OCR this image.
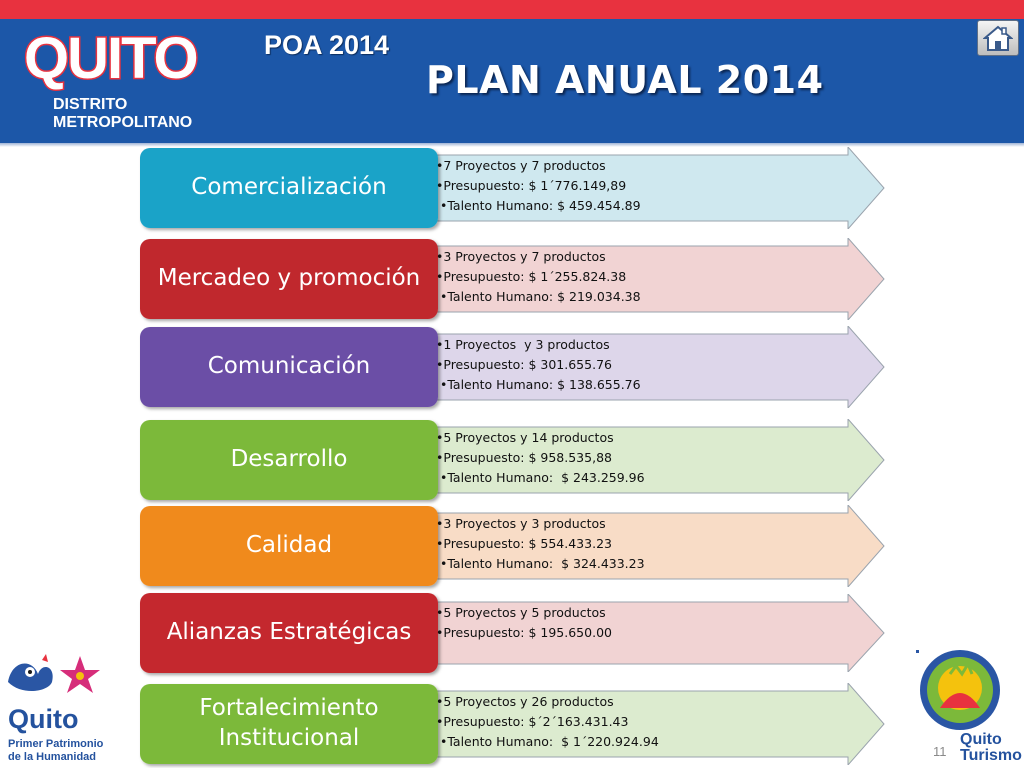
QUITO
DISTRITO
METROPOLITANO
POA 2014
PLAN ANUAL 2014
Comercialización
•7 Proyectos y 7 productos
•Presupuesto: $ 1´776.149,89
•Talento Humano: $ 459.454.89
Mercadeo y promoción
•3 Proyectos y 7 productos
•Presupuesto: $ 1´255.824.38
•Talento Humano: $ 219.034.38
Comunicación
•1 Proyectos  y 3 productos
•Presupuesto: $ 301.655.76
•Talento Humano: $ 138.655.76
Desarrollo
•5 Proyectos y 14 productos
•Presupuesto: $ 958.535,88
•Talento Humano:  $ 243.259.96
Calidad
•3 Proyectos y 3 productos
•Presupuesto: $ 554.433.23
•Talento Humano:  $ 324.433.23
Alianzas Estratégicas
•5 Proyectos y 5 productos
•Presupuesto: $ 195.650.00
Fortalecimiento Institucional
•5 Proyectos y 26 productos
•Presupuesto: $´2´163.431.43
•Talento Humano:  $ 1´220.924.94
Quito
Primer Patrimonio
de la Humanidad
Quito
Turismo
11
